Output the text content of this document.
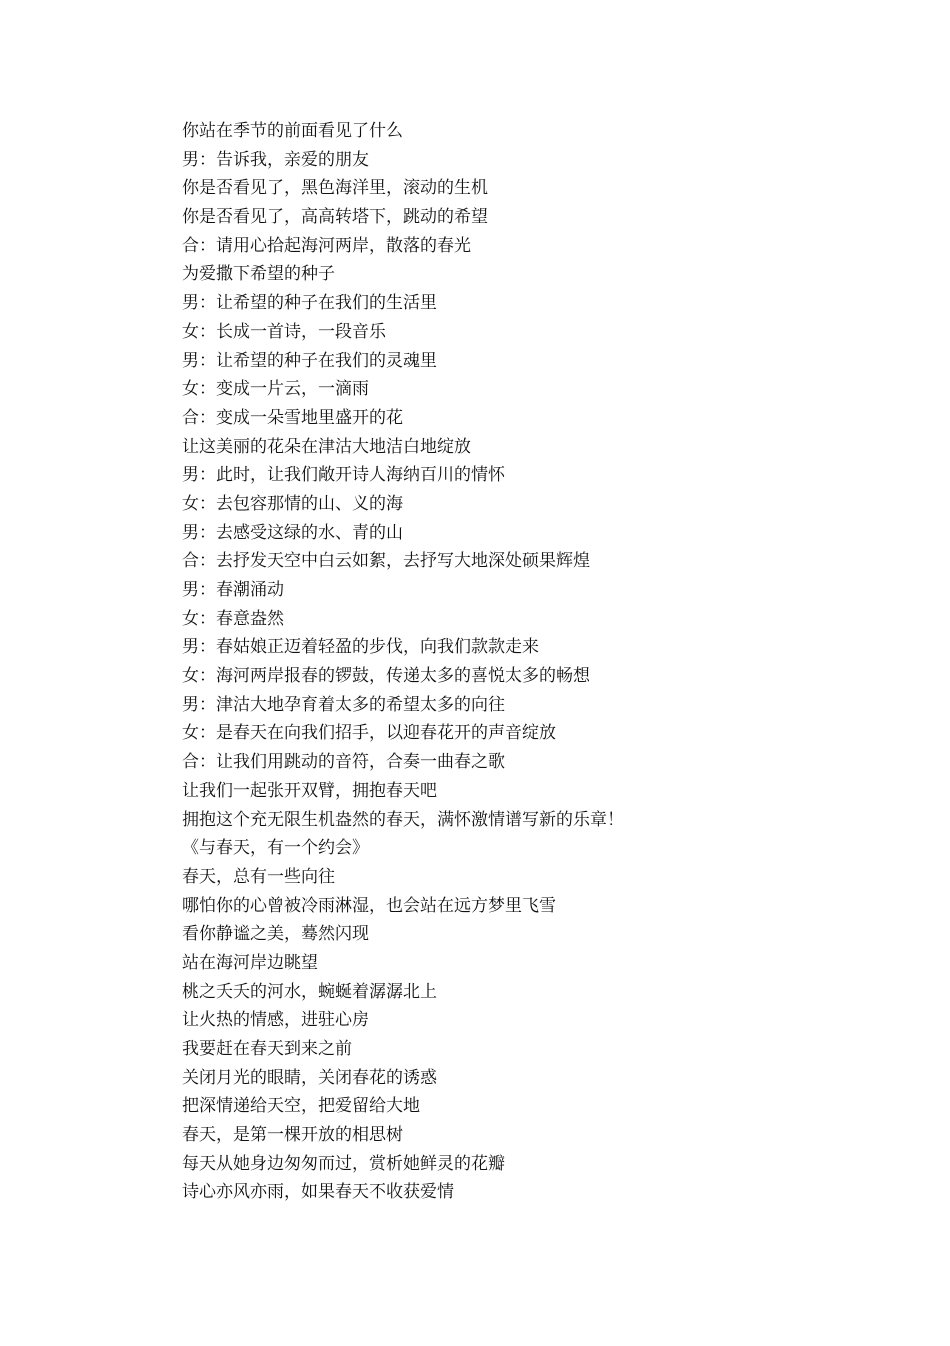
你站在季节的前面看见了什么

男：告诉我，亲爱的朋友

你是否看见了，黑色海洋里，滚动的生机

你是否看见了，高高转塔下，跳动的希望

合：请用心拾起海河两岸，散落的春光

为爱撒下希望的种子

男：让希望的种子在我们的生活里

女：长成一首诗，一段音乐

男：让希望的种子在我们的灵魂里

女：变成一片云，一滴雨

合：变成一朵雪地里盛开的花

让这美丽的花朵在津沽大地洁白地绽放

男：此时，让我们敞开诗人海纳百川的情怀

女：去包容那情的山、义的海

男：去感受这绿的水、青的山

合：去抒发天空中白云如絮，去抒写大地深处硕果辉煌

男：春潮涌动

女：春意盎然

男：春姑娘正迈着轻盈的步伐，向我们款款走来

女：海河两岸报春的锣鼓，传递太多的喜悦太多的畅想

男：津沽大地孕育着太多的希望太多的向往

女：是春天在向我们招手，以迎春花开的声音绽放

合：让我们用跳动的音符，合奏一曲春之歌

让我们一起张开双臂，拥抱春天吧

拥抱这个充无限生机盎然的春天，满怀激情谱写新的乐章！

《与春天，有一个约会》

春天，总有一些向往

哪怕你的心曾被冷雨淋湿，也会站在远方梦里飞雪

看你静谧之美，蓦然闪现

站在海河岸边眺望

桃之夭夭的河水，蜿蜒着潺潺北上

让火热的情感，进驻心房

我要赶在春天到来之前

关闭月光的眼睛，关闭春花的诱惑

把深情递给天空，把爱留给大地

春天，是第一棵开放的相思树

每天从她身边匆匆而过，赏析她鲜灵的花瓣

诗心亦风亦雨，如果春天不收获爱情
